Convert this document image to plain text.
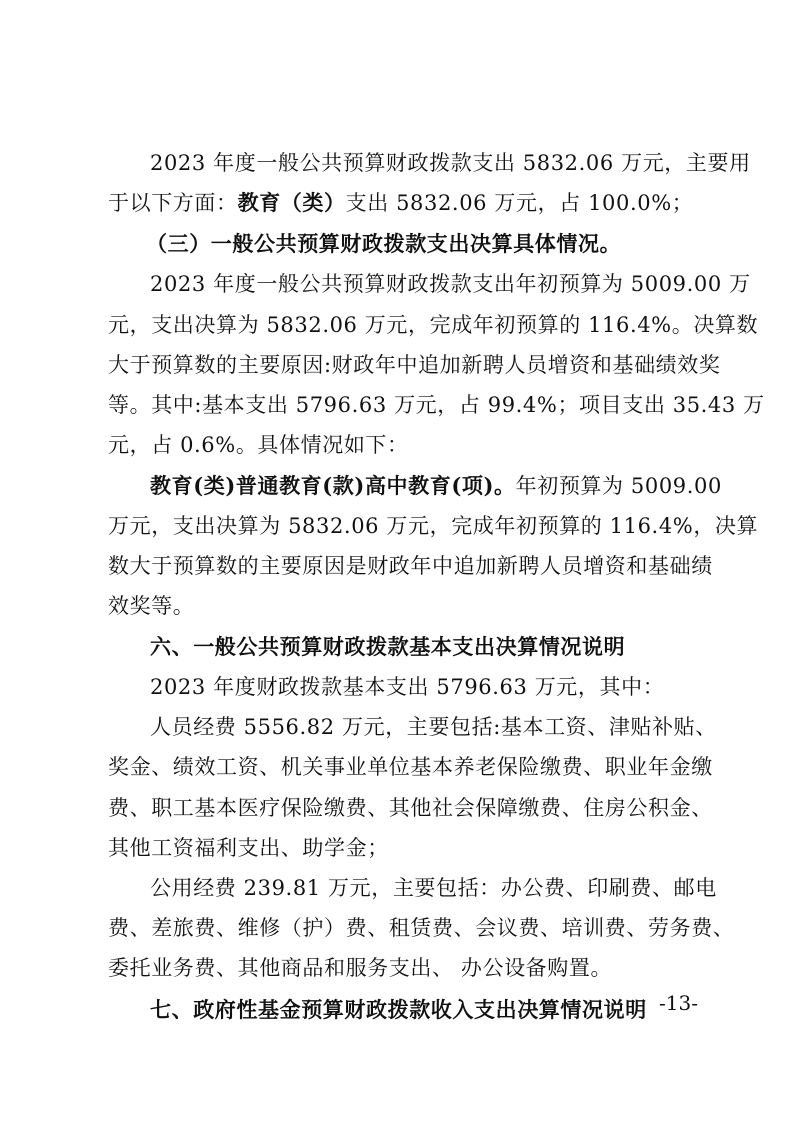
2023 年度一般公共预算财政拨款支出 5832.06 万元，主要用
于以下方面：教育（类）支出 5832.06 万元，占 100.0%；
（三）一般公共预算财政拨款支出决算具体情况。
2023 年度一般公共预算财政拨款支出年初预算为 5009.00 万
元，支出决算为 5832.06 万元，完成年初预算的 116.4%。决算数
大于预算数的主要原因:财政年中追加新聘人员增资和基础绩效奖
等。其中:基本支出 5796.63 万元，占 99.4%；项目支出 35.43 万
元，占 0.6%。具体情况如下：
教育(类)普通教育(款)高中教育(项)。年初预算为 5009.00
万元，支出决算为 5832.06 万元，完成年初预算的 116.4%，决算
数大于预算数的主要原因是财政年中追加新聘人员增资和基础绩
效奖等。
六、一般公共预算财政拨款基本支出决算情况说明
2023 年度财政拨款基本支出 5796.63 万元，其中：
人员经费 5556.82 万元，主要包括:基本工资、津贴补贴、
奖金、绩效工资、机关事业单位基本养老保险缴费、职业年金缴
费、职工基本医疗保险缴费、其他社会保障缴费、住房公积金、
其他工资福利支出、助学金；
公用经费 239.81 万元，主要包括：办公费、印刷费、邮电
费、差旅费、维修（护）费、租赁费、会议费、培训费、劳务费、
委托业务费、其他商品和服务支出、 办公设备购置。
七、政府性基金预算财政拨款收入支出决算情况说明 -13-
